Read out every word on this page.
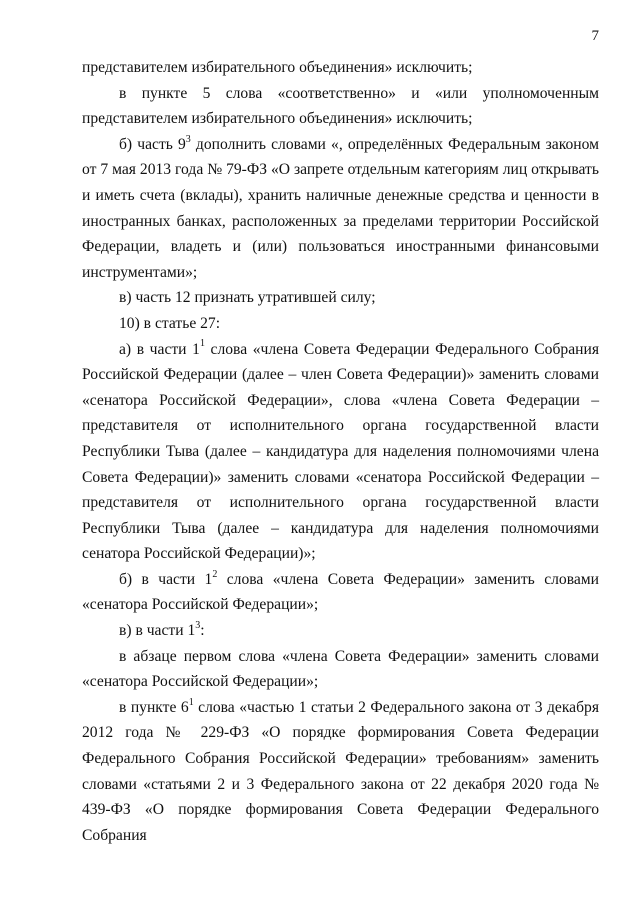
7

представителем избирательного объединения» исключить;

в пункте 5 слова «соответственно» и «или уполномоченным представителем избирательного объединения» исключить;

б) часть $9^3$ дополнить словами «, определённых Федеральным законом от 7 мая 2013 года № 79-ФЗ «О запрете отдельным категориям лиц открывать и иметь счета (вклады), хранить наличные денежные средства и ценности в иностранных банках, расположенных за пределами территории Российской Федерации, владеть и (или) пользоваться иностранными финансовыми инструментами»;

в) часть 12 признать утратившей силу;

10) в статье 27:

а) в части $1^1$ слова «члена Совета Федерации Федерального Собрания Российской Федерации (далее – член Совета Федерации)» заменить словами «сенатора Российской Федерации», слова «члена Совета Федерации – представителя от исполнительного органа государственной власти Республики Тыва (далее – кандидатура для наделения полномочиями члена Совета Федерации)» заменить словами «сенатора Российской Федерации – представителя от исполнительного органа государственной власти Республики Тыва (далее – кандидатура для наделения полномочиями сенатора Российской Федерации)»;

б) в части $1^2$ слова «члена Совета Федерации» заменить словами «сенатора Российской Федерации»;

в) в части $1^3$:

в абзаце первом слова «члена Совета Федерации» заменить словами «сенатора Российской Федерации»;

в пункте $6^1$ слова «частью 1 статьи 2 Федерального закона от 3 декабря 2012 года № 229-ФЗ «О порядке формирования Совета Федерации Федерального Собрания Российской Федерации» требованиям» заменить словами «статьями 2 и 3 Федерального закона от 22 декабря 2020 года № 439-ФЗ «О порядке формирования Совета Федерации Федерального Собрания
